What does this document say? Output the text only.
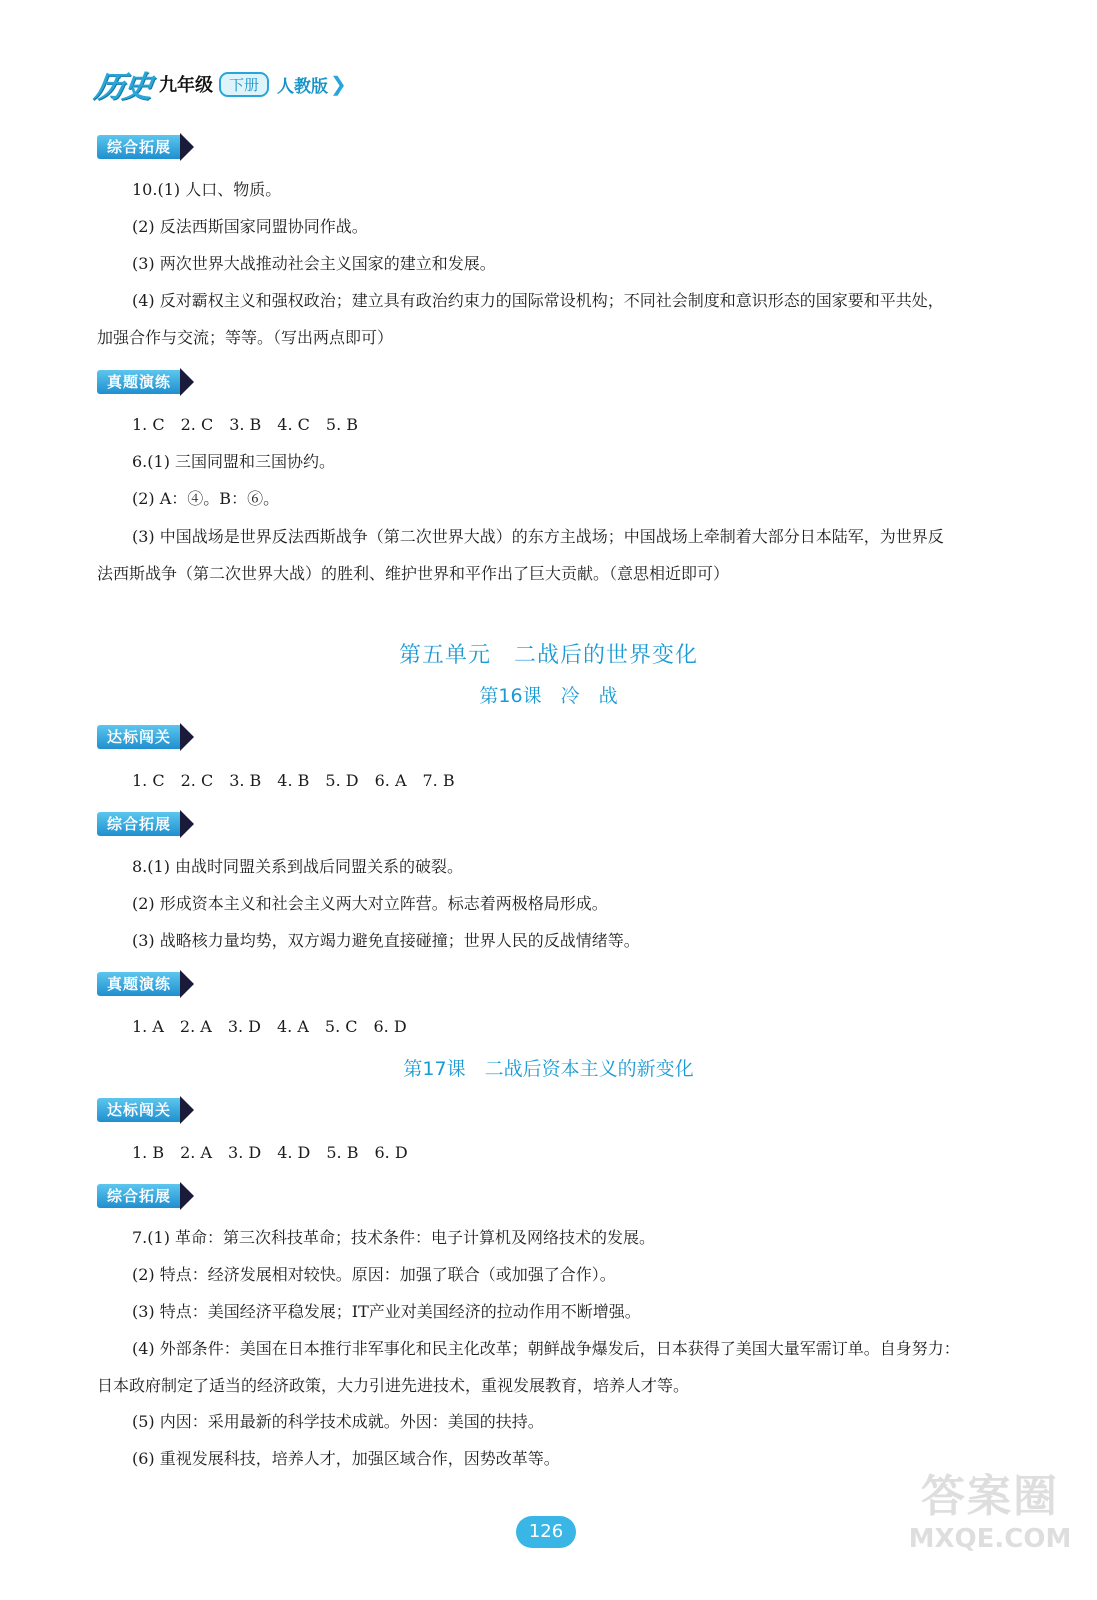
历史 九年级	下册	人教版 ❯
综合拓展
10.(1) 人口、物质。
(2) 反法西斯国家同盟协同作战。
(3) 两次世界大战推动社会主义国家的建立和发展。
(4) 反对霸权主义和强权政治；建立具有政治约束力的国际常设机构；不同社会制度和意识形态的国家要和平共处，
加强合作与交流；等等。（写出两点即可）
真题演练
1. C　2. C　3. B　4. C　5. B
6.(1) 三国同盟和三国协约。
(2) A：④。B：⑥。
(3) 中国战场是世界反法西斯战争（第二次世界大战）的东方主战场；中国战场上牵制着大部分日本陆军，为世界反
法西斯战争（第二次世界大战）的胜利、维护世界和平作出了巨大贡献。（意思相近即可）
第五单元　二战后的世界变化
第16课　冷　战
达标闯关
1. C　2. C　3. B　4. B　5. D　6. A　7. B
综合拓展
8.(1) 由战时同盟关系到战后同盟关系的破裂。
(2) 形成资本主义和社会主义两大对立阵营。标志着两极格局形成。
(3) 战略核力量均势，双方竭力避免直接碰撞；世界人民的反战情绪等。
真题演练
1. A　2. A　3. D　4. A　5. C　6. D
第17课　二战后资本主义的新变化
达标闯关
1. B　2. A　3. D　4. D　5. B　6. D
综合拓展
7.(1) 革命：第三次科技革命；技术条件：电子计算机及网络技术的发展。
(2) 特点：经济发展相对较快。原因：加强了联合（或加强了合作）。
(3) 特点：美国经济平稳发展；IT产业对美国经济的拉动作用不断增强。
(4) 外部条件：美国在日本推行非军事化和民主化改革；朝鲜战争爆发后，日本获得了美国大量军需订单。自身努力：
日本政府制定了适当的经济政策，大力引进先进技术，重视发展教育，培养人才等。
(5) 内因：采用最新的科学技术成就。外因：美国的扶持。
(6) 重视发展科技，培养人才，加强区域合作，因势改革等。
126
答案圈
MXQE.COM
